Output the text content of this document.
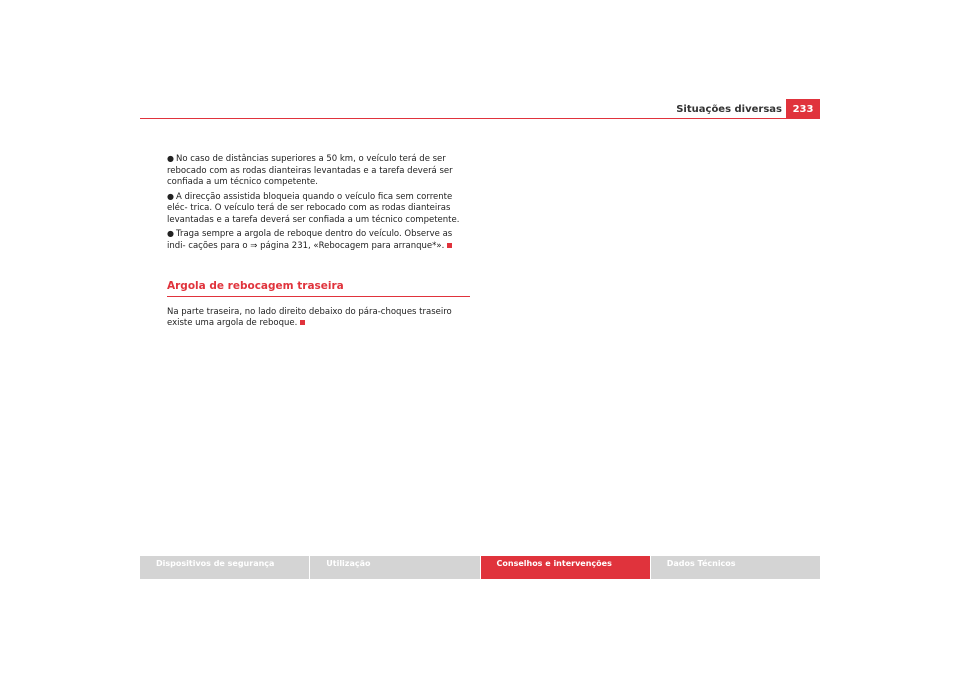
Situações diversas	233

● No caso de distâncias superiores a 50 km, o veículo terá de ser rebocado com as rodas dianteiras levantadas e a tarefa deverá ser confiada a um técnico competente.

● A direcção assistida bloqueia quando o veículo fica sem corrente eléc- trica. O veículo terá de ser rebocado com as rodas dianteiras levantadas e a tarefa deverá ser confiada a um técnico competente.

● Traga sempre a argola de reboque dentro do veículo. Observe as indi- cações para o ⇒ página 231, «Rebocagem para arranque*».

Argola de rebocagem traseira

Na parte traseira, no lado direito debaixo do pára-choques traseiro existe uma argola de reboque.

Dispositivos de segurança	Utilização	Conselhos e intervenções	Dados Técnicos
